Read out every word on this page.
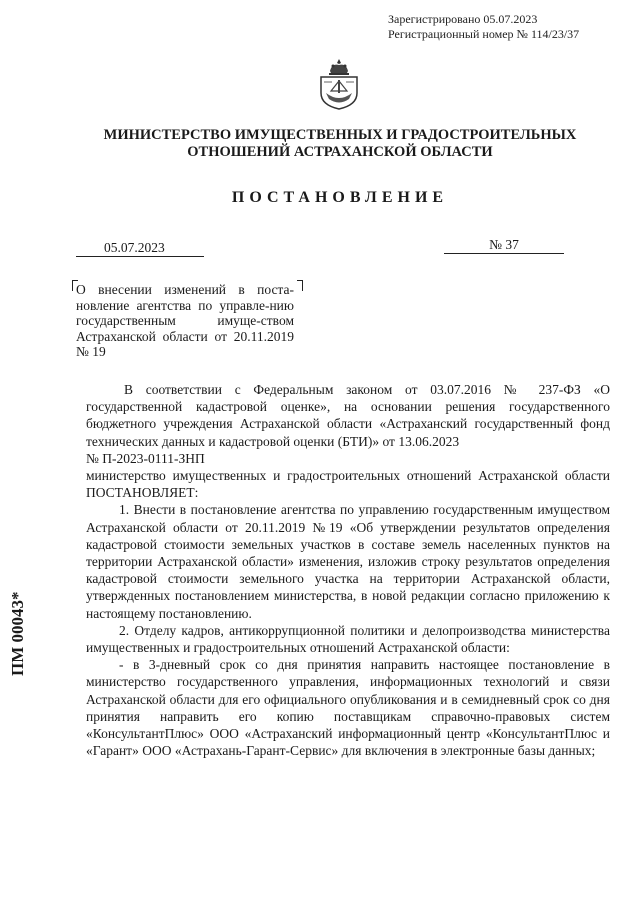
Зарегистрировано 05.07.2023
Регистрационный номер № 114/23/37
МИНИСТЕРСТВО ИМУЩЕСТВЕННЫХ И ГРАДОСТРОИТЕЛЬНЫХ
ОТНОШЕНИЙ АСТРАХАНСКОЙ ОБЛАСТИ
ПОСТАНОВЛЕНИЕ
05.07.2023	№ 37
О внесении изменений в поста-новление агентства по управле-нию государственным имуще-ством Астраханской области от 20.11.2019 № 19
ПМ 00043*

В соответствии с Федеральным законом от 03.07.2016 № 237-ФЗ «О государственной кадастровой оценке», на основании решения государственного бюджетного учреждения Астраханской области «Астраханский государственный фонд технических данных и кадастровой оценки (БТИ)» от 13.06.2023

№ П-2023-0111-ЗНП

министерство имущественных и градостроительных отношений Астраханской области ПОСТАНОВЛЯЕТ:

1. Внести в постановление агентства по управлению государственным имуществом Астраханской области от 20.11.2019 №19 «Об утверждении результатов определения кадастровой стоимости земельных участков в составе земель населенных пунктов на территории Астраханской области» изменения, изложив строку результатов определения кадастровой стоимости земельного участка на территории Астраханской области, утвержденных постановлением министерства, в новой редакции согласно приложению к настоящему постановлению.

2. Отделу кадров, антикоррупционной политики и делопроизводства министерства имущественных и градостроительных отношений Астраханской области:

- в 3-дневный срок со дня принятия направить настоящее постановление в министерство государственного управления, информационных технологий и связи Астраханской области для его официального опубликования и в семидневный срок со дня принятия направить его копию поставщикам справочно-правовых систем «КонсультантПлюс» ООО «Астраханский информационный центр «КонсультантПлюс и «Гарант» ООО «Астрахань-Гарант-Сервис» для включения в электронные базы данных;
